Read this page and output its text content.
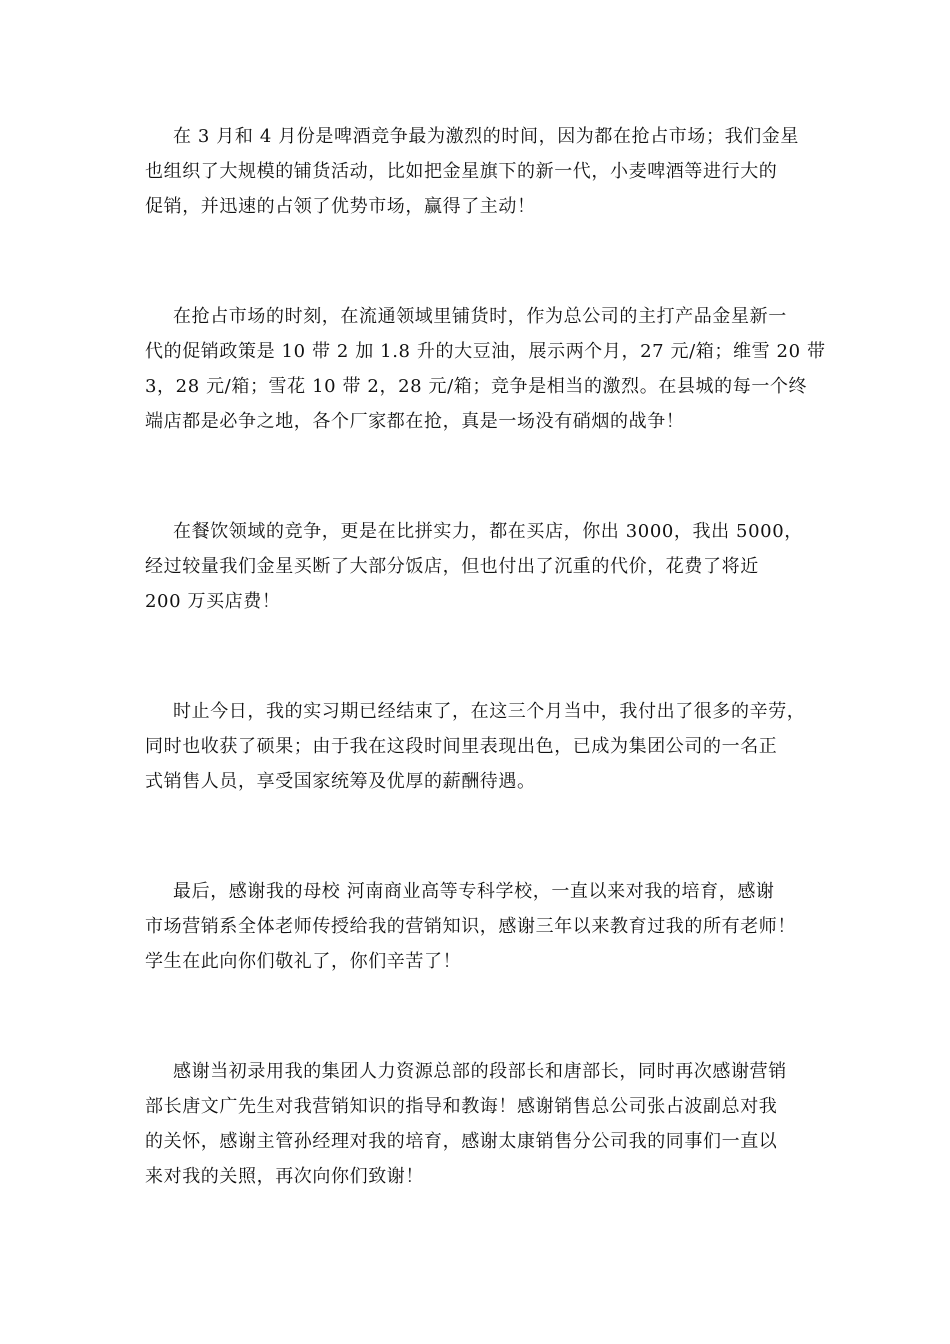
在 3 月和 4 月份是啤酒竞争最为激烈的时间，因为都在抢占市场；我们金星
也组织了大规模的铺货活动，比如把金星旗下的新一代，小麦啤酒等进行大的
促销，并迅速的占领了优势市场，赢得了主动！

在抢占市场的时刻，在流通领域里铺货时，作为总公司的主打产品金星新一
代的促销政策是 10 带 2 加 1.8 升的大豆油，展示两个月，27 元/箱；维雪 20 带
3，28 元/箱；雪花 10 带 2，28 元/箱；竞争是相当的激烈。在县城的每一个终
端店都是必争之地，各个厂家都在抢，真是一场没有硝烟的战争！

在餐饮领域的竞争，更是在比拼实力，都在买店，你出 3000，我出 5000，
经过较量我们金星买断了大部分饭店，但也付出了沉重的代价，花费了将近
200 万买店费！

时止今日，我的实习期已经结束了，在这三个月当中，我付出了很多的辛劳，
同时也收获了硕果；由于我在这段时间里表现出色，已成为集团公司的一名正
式销售人员，享受国家统筹及优厚的薪酬待遇。

最后，感谢我的母校 河南商业高等专科学校，一直以来对我的培育，感谢
市场营销系全体老师传授给我的营销知识，感谢三年以来教育过我的所有老师！
学生在此向你们敬礼了，你们辛苦了！

感谢当初录用我的集团人力资源总部的段部长和唐部长，同时再次感谢营销
部长唐文广先生对我营销知识的指导和教诲！感谢销售总公司张占波副总对我
的关怀，感谢主管孙经理对我的培育，感谢太康销售分公司我的同事们一直以
来对我的关照，再次向你们致谢！
